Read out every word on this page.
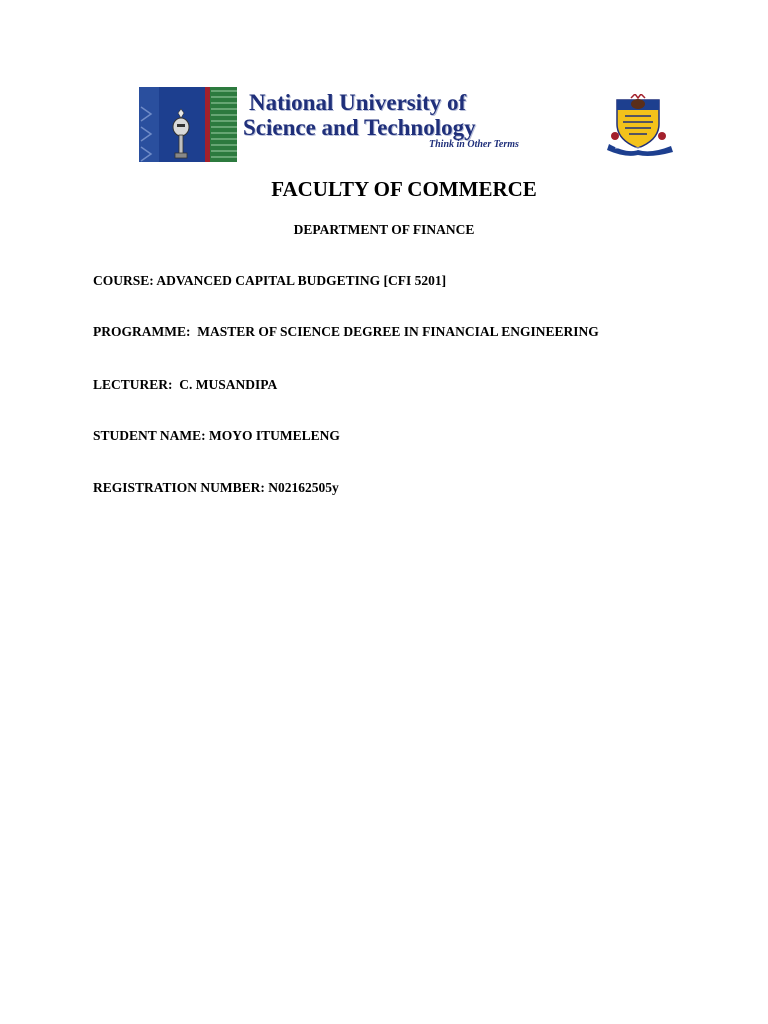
National University of
Science and Technology
Think in Other Terms
FACULTY OF COMMERCE
DEPARTMENT OF FINANCE
COURSE: ADVANCED CAPITAL BUDGETING [CFI 5201]
PROGRAMME:  MASTER OF SCIENCE DEGREE IN FINANCIAL ENGINEERING
LECTURER:  C. MUSANDIPA
STUDENT NAME: MOYO ITUMELENG
REGISTRATION NUMBER: N02162505y
